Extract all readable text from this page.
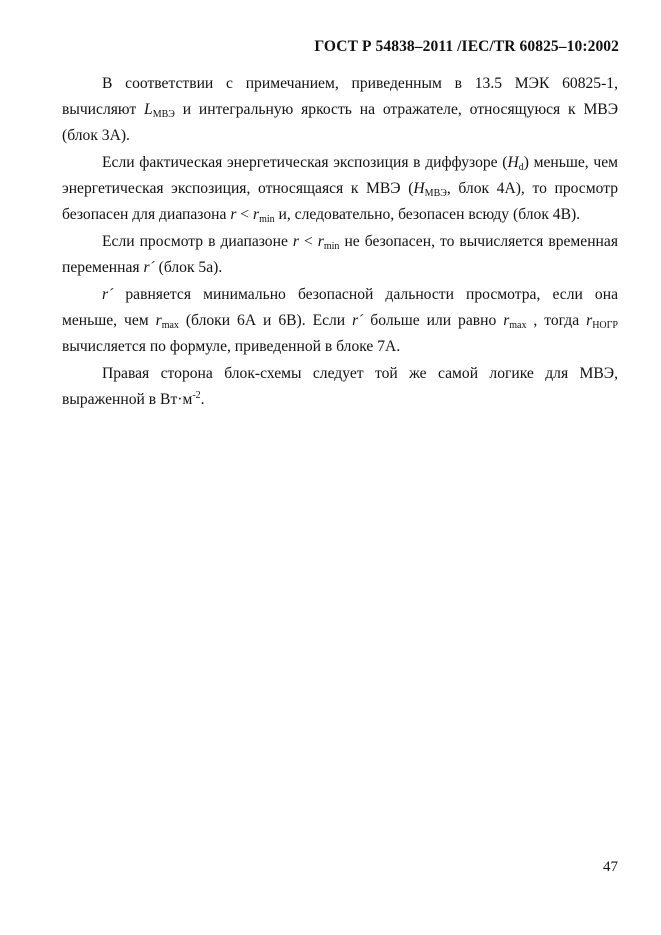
ГОСТ Р 54838–2011 /IEC/TR 60825–10:2002

В соответствии с примечанием, приведенным в 13.5 МЭК 60825-1, вычисляют $L_{МВЭ}$ и интегральную яркость на отражателе, относящуюся к МВЭ (блок 3А).

Если фактическая энергетическая экспозиция в диффузоре $(H_d)$ меньше, чем энергетическая экспозиция, относящаяся к МВЭ ($H_{МВЭ}$, блок 4А), то просмотр безопасен для диапазона $r < r_{min}$ и, следовательно, безопасен всюду (блок 4В).

Если просмотр в диапазоне $r < r_{min}$ не безопасен, то вычисляется временная переменная r´ (блок 5а).

r´ равняется минимально безопасной дальности просмотра, если она меньше, чем $r_{max}$ (блоки 6А и 6В). Если r´ больше или равно $r_{max}$ , тогда $r_{НОГР}$ вычисляется по формуле, приведенной в блоке 7А.

Правая сторона блок-схемы следует той же самой логике для МВЭ, выраженной в $Вт\cdot м^{-2}$.

47
